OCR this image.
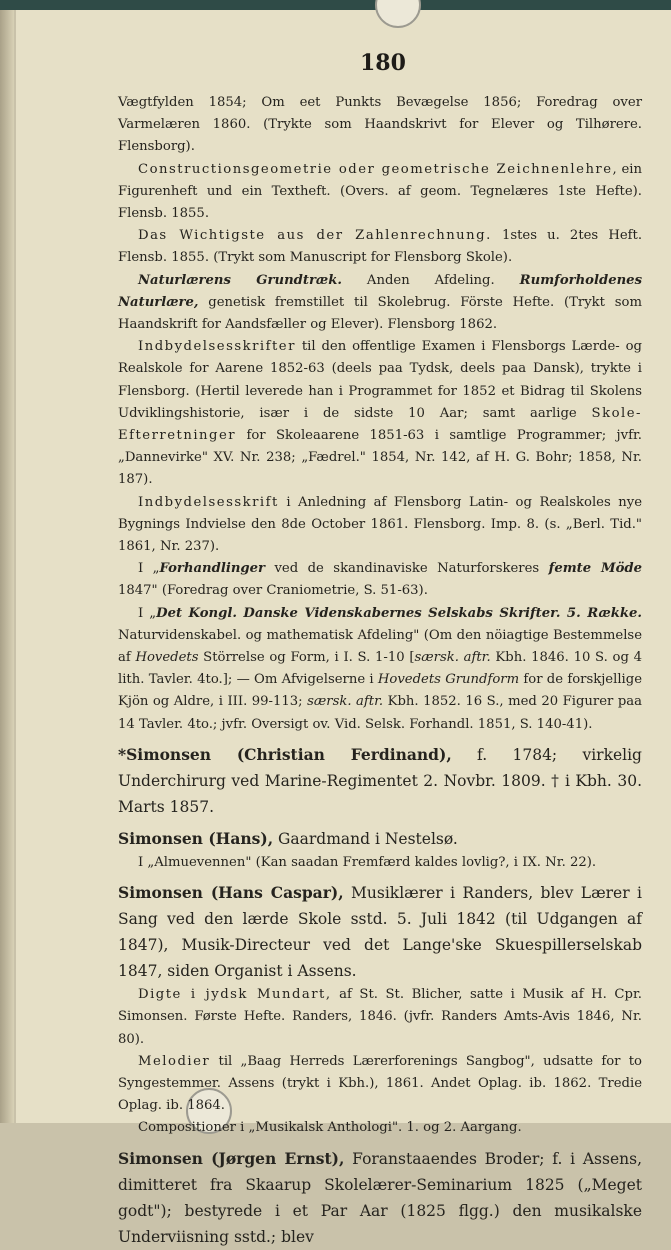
180

Vægtfylden 1854; Om eet Punkts Bevægelse 1856; Foredrag over Varmelæren 1860. (Trykte som Haandskrivt for Elever og Tilhørere. Flensborg).

Constructionsgeometrie oder geometrische Zeichnenlehre, ein Figurenheft und ein Textheft. (Overs. af geom. Tegnelæres 1ste Hefte). Flensb. 1855.

Das Wichtigste aus der Zahlenrechnung. 1stes u. 2tes Heft. Flensb. 1855. (Trykt som Manuscript for Flensborg Skole).

Naturlærens Grundtræk. Anden Afdeling. Rumforholdenes Naturlære, genetisk fremstillet til Skolebrug. Förste Hefte. (Trykt som Haandskrift for Aandsfæller og Elever). Flensborg 1862.

Indbydelsesskrifter til den offentlige Examen i Flensborgs Lærde- og Realskole for Aarene 1852-63 (deels paa Tydsk, deels paa Dansk), trykte i Flensborg. (Hertil leverede han i Programmet for 1852 et Bidrag til Skolens Udviklingshistorie, især i de sidste 10 Aar; samt aarlige Skole-Efterretninger for Skoleaarene 1851-63 i samtlige Programmer; jvfr. „Dannevirke" XV. Nr. 238; „Fædrel." 1854, Nr. 142, af H. G. Bohr; 1858, Nr. 187).

Indbydelsesskrift i Anledning af Flensborg Latin- og Realskoles nye Bygnings Indvielse den 8de October 1861. Flensborg. Imp. 8. (s. „Berl. Tid." 1861, Nr. 237).

I „Forhandlinger ved de skandinaviske Naturforskeres femte Möde 1847" (Foredrag over Craniometrie, S. 51-63).

I „Det Kongl. Danske Videnskabernes Selskabs Skrifter. 5. Række. Naturvidenskabel. og mathematisk Afdeling" (Om den nöiagtige Bestemmelse af Hovedets Störrelse og Form, i I. S. 1-10 [særsk. aftr. Kbh. 1846. 10 S. og 4 lith. Tavler. 4to.]; — Om Afvigelserne i Hovedets Grundform for de forskjellige Kjön og Aldre, i III. 99-113; særsk. aftr. Kbh. 1852. 16 S., med 20 Figurer paa 14 Tavler. 4to.; jvfr. Oversigt ov. Vid. Selsk. Forhandl. 1851, S. 140-41).

*Simonsen (Christian Ferdinand), f. 1784; virkelig Underchirurg ved Marine-Regimentet 2. Novbr. 1809. † i Kbh. 30. Marts 1857.

Simonsen (Hans), Gaardmand i Nestelsø.

I „Almuevennen" (Kan saadan Fremfærd kaldes lovlig?, i IX. Nr. 22).

Simonsen (Hans Caspar), Musiklærer i Randers, blev Lærer i Sang ved den lærde Skole sstd. 5. Juli 1842 (til Udgangen af 1847), Musik-Directeur ved det Lange'ske Skuespillerselskab 1847, siden Organist i Assens.

Digte i jydsk Mundart, af St. St. Blicher, satte i Musik af H. Cpr. Simonsen. Første Hefte. Randers, 1846. (jvfr. Randers Amts-Avis 1846, Nr. 80).

Melodier til „Baag Herreds Lærerforenings Sangbog", udsatte for to Syngestemmer. Assens (trykt i Kbh.), 1861. Andet Oplag. ib. 1862. Tredie Oplag. ib. 1864.

Compositioner i „Musikalsk Anthologi". 1. og 2. Aargang.

Simonsen (Jørgen Ernst), Foranstaaendes Broder; f. i Assens, dimitteret fra Skaarup Skolelærer-Seminarium 1825 („Meget godt"); bestyrede i et Par Aar (1825 flgg.) den musikalske Underviisning sstd.; blev
